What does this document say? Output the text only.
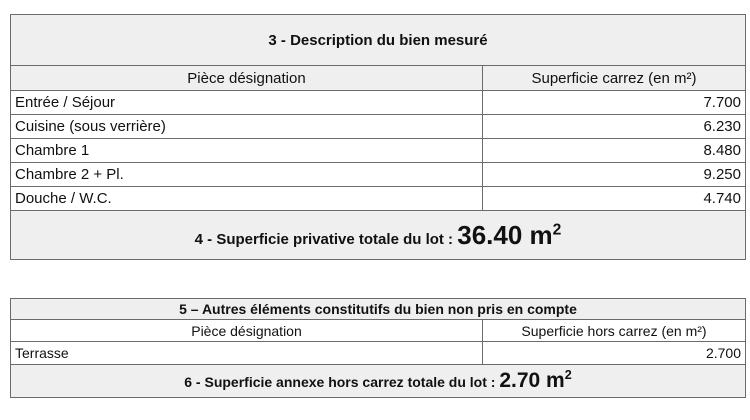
3 - Description du bien mesuré	
Pièce désignation	Superficie carrez (en m²)
Entrée / Séjour	7.700
Cuisine (sous verrière)	6.230
Chambre 1	8.480
Chambre 2 + Pl.	9.250
Douche / W.C.	4.740
4 - Superficie privative totale du lot : 36.40 $m^2$
5 – Autres éléments constitutifs du bien non pris en compte	
Pièce désignation	Superficie hors carrez (en m²)
Terrasse	2.700
6 - Superficie annexe hors carrez totale du lot : 2.70 $m^2$
